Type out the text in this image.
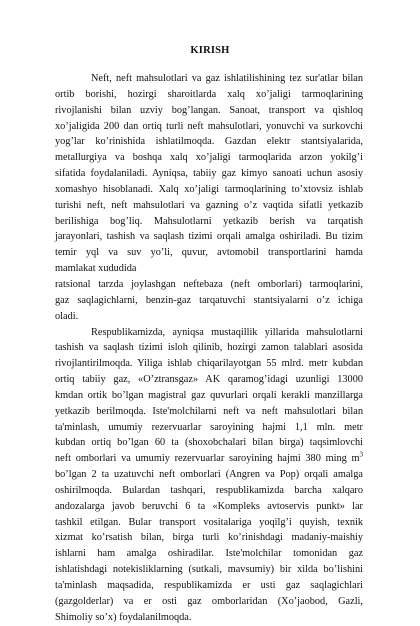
KIRISH

Neft, neft mahsulotlari va gaz ishlatilishining tez sur'atlar bilan
ortib borishi, hozirgi sharoitlarda xalq xo’jaligi tarmoqlarining
rivojlanishi bilan uzviy bog’langan. Sanoat, transport va qishloq
xo’jaligida 200 dan ortiq turli neft mahsulotlari, yonuvchi va surkovchi
yog’lar ko’rinishida ishlatilmoqda. Gazdan elektr stantsiyalarida,
metallurgiya va boshqa xalq xo’jaligi tarmoqlarida arzon yokilg’i
sifatida foydalaniladi. Ayniqsa, tabiiy gaz kimyo sanoati uchun asosiy
xomashyo hisoblanadi. Xalq xo’jaligi tarmoqlarining to’xtovsiz ishlab
turishi neft, neft mahsulotlari va gazning o’z vaqtida sifatli yetkazib
berilishiga bog’liq. Mahsulotlarni yetkazib berish va tarqatish
jarayonlari, tashish va saqlash tizimi orqali amalga oshiriladi. Bu tizim
temir yql va suv yo’li, quvur, avtomobil transportlarini hamda
mamlakat xududida

ratsional tarzda joylashgan neftebaza (neft omborlari) tarmoqlarini,
gaz saqlagichlarni, benzin-gaz tarqatuvchi stantsiyalarni o’z ichiga
oladi.

Respublikamizda, ayniqsa mustaqillik yillarida mahsulotlarni
tashish va saqlash tizimi isloh qilinib, hozirgi zamon talablari asosida
rivojlantirilmoqda. Yiliga ishlab chiqarilayotgan 55 mlrd. metr kubdan
ortiq tabiiy gaz, «O’ztransgaz» AK qaramog’idagi uzunligi 13000
kmdan ortik bo’lgan magistral gaz quvurlari orqali kerakli manzillarga
yetkazib berilmoqda. Iste'molchilarni neft va neft mahsulotlari bilan
ta'minlash, umumiy rezervuarlar saroyining hajmi 1,1 mln. metr
kubdan ortiq bo’lgan 60 ta (shoxobchalari bilan birga) taqsimlovchi
neft omborlari va umumiy rezervuarlar saroyining hajmi 380 ming $m^3$
bo’lgan 2 ta uzatuvchi neft omborlari (Angren va Pop) orqali amalga
oshirilmoqda. Bulardan tashqari, respublikamizda barcha xalqaro
andozalarga javob beruvchi 6 ta «Kompleks avtoservis punkt» lar
tashkil etilgan. Bular transport vositalariga yoqilg’i quyish, texnik
xizmat ko’rsatish bilan, birga turli ko’rinishdagi madaniy-maishiy
ishlarni ham amalga oshiradilar. Iste'molchilar tomonidan gaz
ishlatishdagi notekisliklarning (sutkali, mavsumiy) bir xilda bo’lishini
ta'minlash maqsadida, respublikamizda er usti gaz saqlagichlari
(gazgolderlar) va er osti gaz omborlaridan (Xo’jaobod, Gazli,
Shimoliy so’x) foydalanilmoqda.
